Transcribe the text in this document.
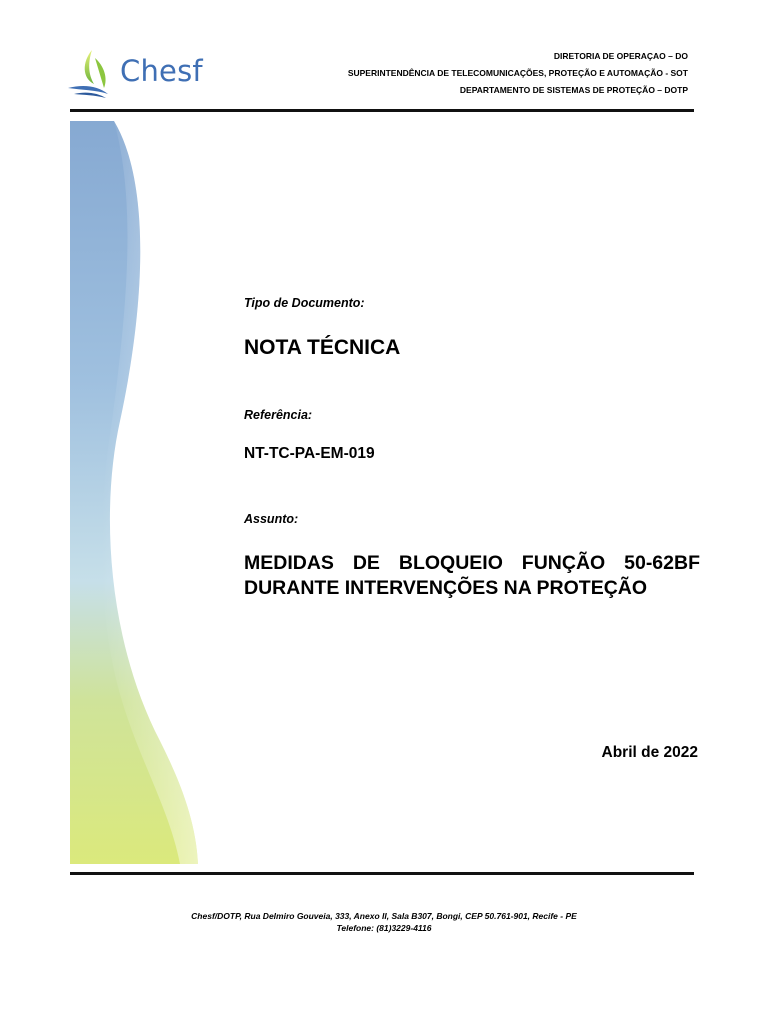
Chesf	DIRETORIA DE OPERAÇAO – DO
SUPERINTENDÊNCIA DE TELECOMUNICAÇÕES, PROTEÇÃO E AUTOMAÇÃO - SOT
DEPARTAMENTO DE SISTEMAS DE PROTEÇÃO – DOTP
Tipo de Documento:
NOTA TÉCNICA
Referência:
NT-TC-PA-EM-019
Assunto:
MEDIDAS DE BLOQUEIO FUNÇÃO 50-62BF DURANTE INTERVENÇÕES NA PROTEÇÃO
Abril de 2022
Chesf/DOTP, Rua Delmiro Gouveia, 333, Anexo II, Sala B307, Bongi, CEP 50.761-901, Recife - PE
Telefone: (81)3229-4116
